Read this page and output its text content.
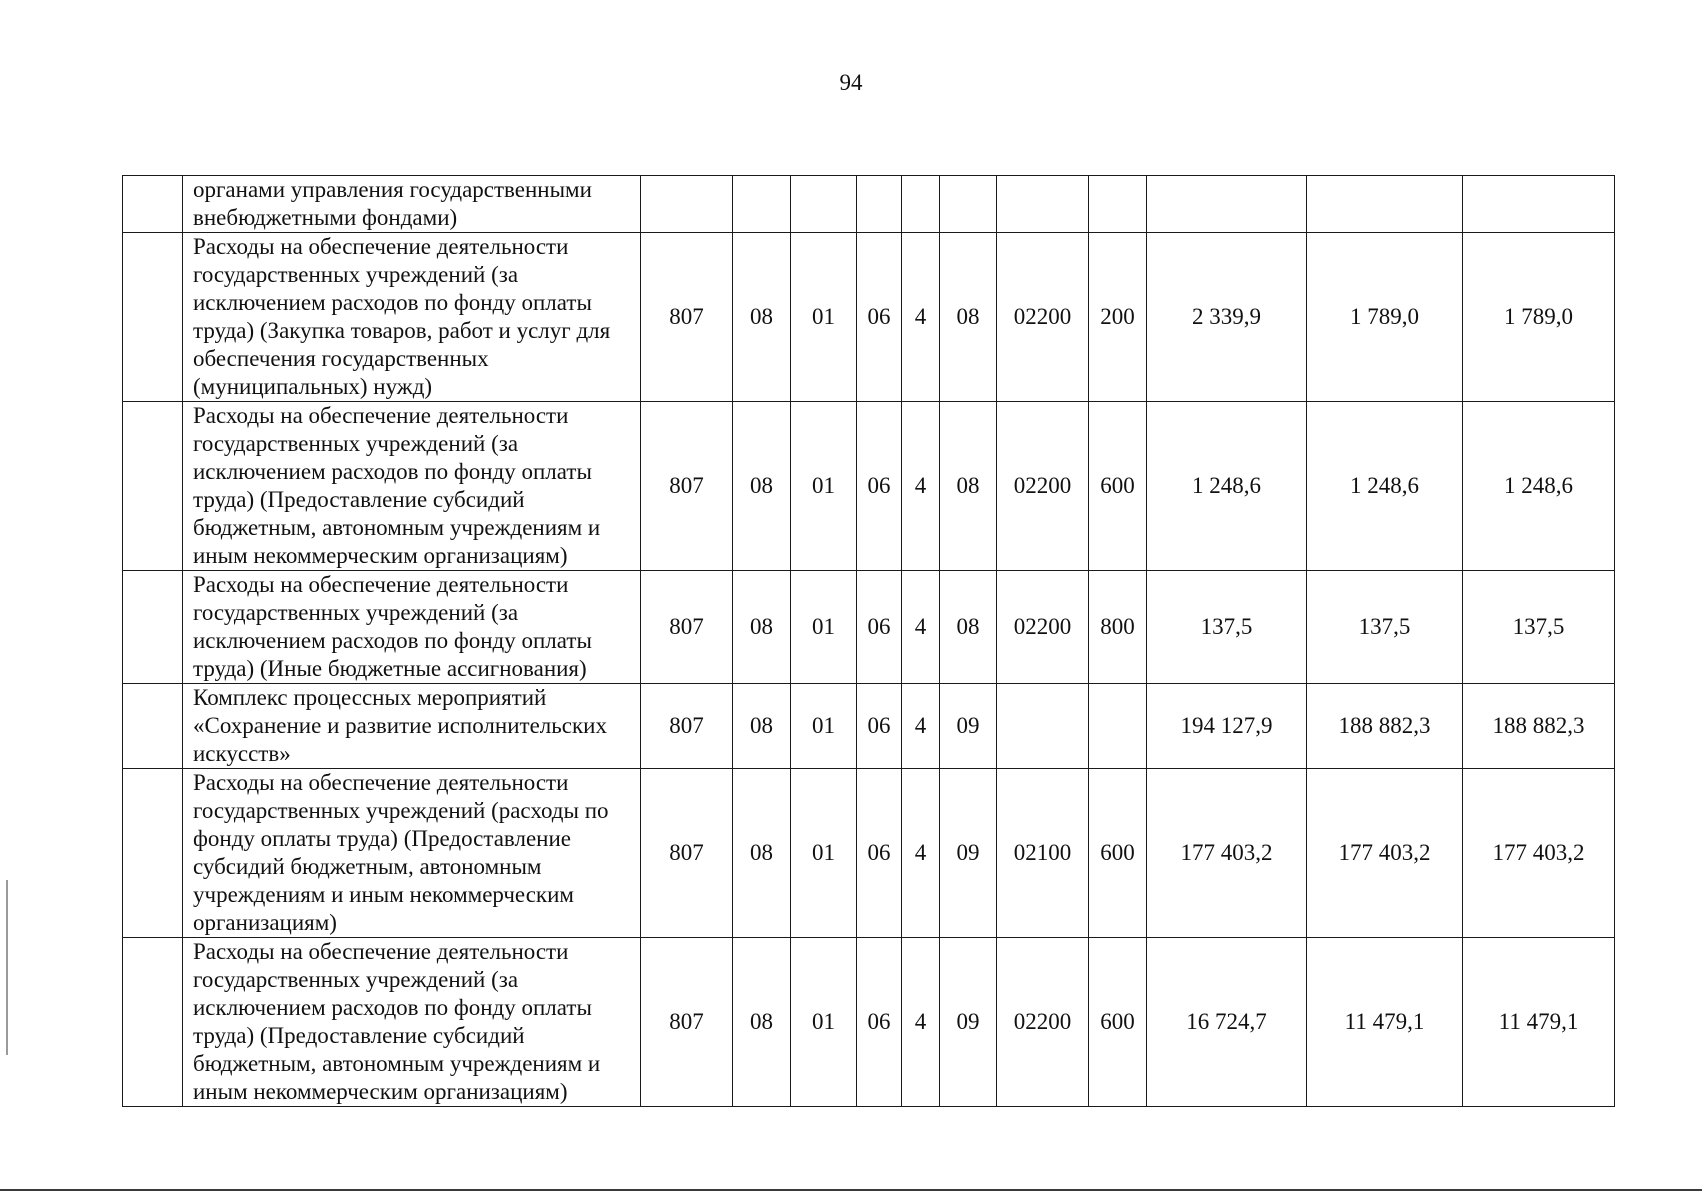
94
	органами управления государственными внебюджетными фондами)											
	Расходы на обеспечение деятельности государственных учреждений (за исключением расходов по фонду оплаты труда) (Закупка товаров, работ и услуг для обеспечения государственных (муниципальных) нужд)	807	08	01	06	4	08	02200	200	2 339,9	1 789,0	1 789,0
	Расходы на обеспечение деятельности государственных учреждений (за исключением расходов по фонду оплаты труда) (Предоставление субсидий бюджетным, автономным учреждениям и иным некоммерческим организациям)	807	08	01	06	4	08	02200	600	1 248,6	1 248,6	1 248,6
	Расходы на обеспечение деятельности государственных учреждений (за исключением расходов по фонду оплаты труда) (Иные бюджетные ассигнования)	807	08	01	06	4	08	02200	800	137,5	137,5	137,5
	Комплекс процессных мероприятий «Сохранение и развитие исполнительских искусств»	807	08	01	06	4	09			194 127,9	188 882,3	188 882,3
	Расходы на обеспечение деятельности государственных учреждений (расходы по фонду оплаты труда) (Предоставление субсидий бюджетным, автономным учреждениям и иным некоммерческим организациям)	807	08	01	06	4	09	02100	600	177 403,2	177 403,2	177 403,2
	Расходы на обеспечение деятельности государственных учреждений (за исключением расходов по фонду оплаты труда) (Предоставление субсидий бюджетным, автономным учреждениям и иным некоммерческим организациям)	807	08	01	06	4	09	02200	600	16 724,7	11 479,1	11 479,1
